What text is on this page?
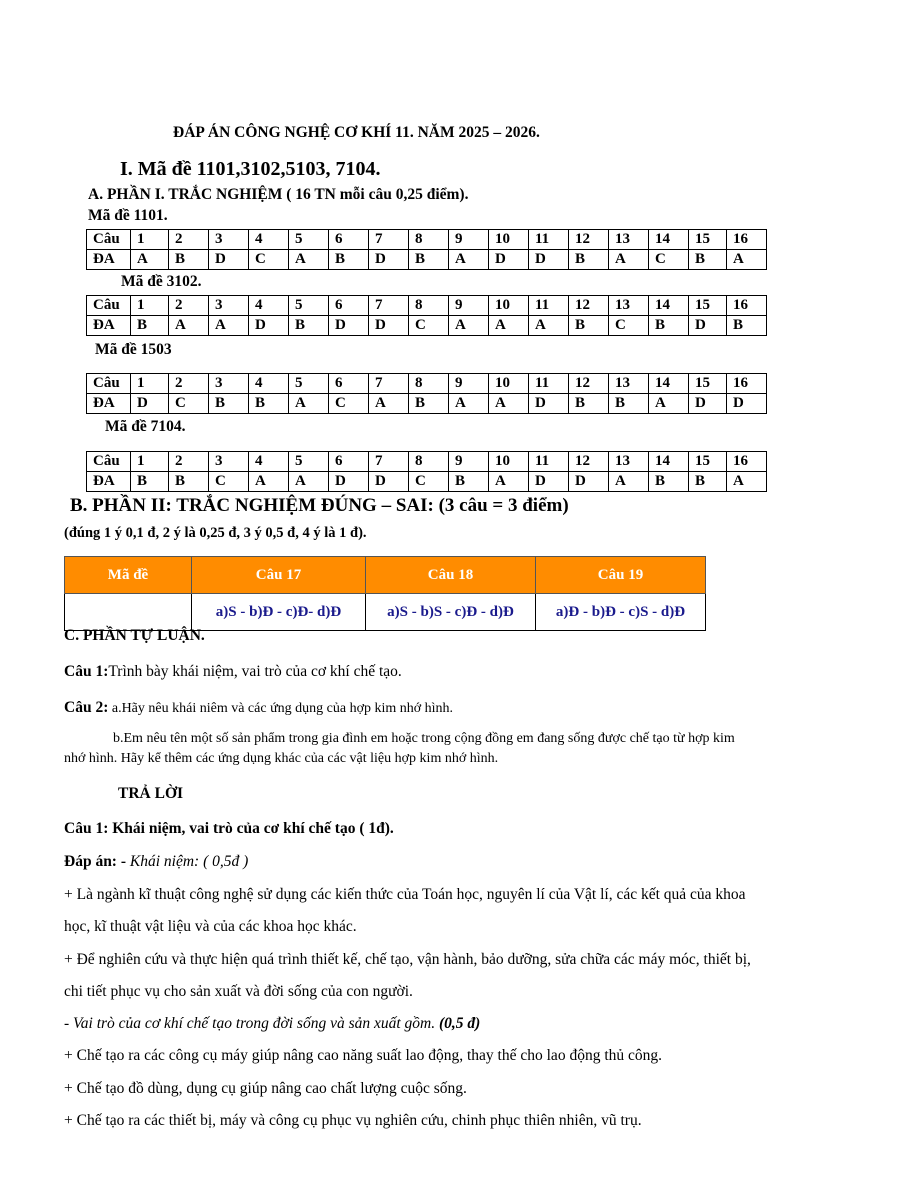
ĐÁP ÁN CÔNG NGHỆ CƠ KHÍ 11. NĂM 2025 – 2026.
I. Mã đề 1101,3102,5103, 7104.
A. PHẦN I. TRẮC NGHIỆM ( 16 TN mỗi câu 0,25 điểm).
Mã đề 1101.
Câu	1	2	3	4	5	6	7	8	9	10	11	12	13	14	15	16
ĐA	A	B	D	C	A	B	D	B	A	D	D	B	A	C	B	A
Mã đề 3102.
Câu	1	2	3	4	5	6	7	8	9	10	11	12	13	14	15	16
ĐA	B	A	A	D	B	D	D	C	A	A	A	B	C	B	D	B
Mã đề 1503
Câu	1	2	3	4	5	6	7	8	9	10	11	12	13	14	15	16
ĐA	D	C	B	B	A	C	A	B	A	A	D	B	B	A	D	D
Mã đề 7104.
Câu	1	2	3	4	5	6	7	8	9	10	11	12	13	14	15	16
ĐA	B	B	C	A	A	D	D	C	B	A	D	D	A	B	B	A
B. PHẦN II: TRẮC NGHIỆM ĐÚNG – SAI: (3 câu = 3 điểm)
(đúng 1 ý 0,1 đ, 2 ý là 0,25 đ, 3 ý 0,5 đ, 4 ý là 1 đ).
Mã đề	Câu 17	Câu 18	Câu 19
	a)S - b)Đ - c)Đ- d)Đ	a)S - b)S - c)Đ - d)Đ	a)Đ - b)Đ - c)S - d)Đ
C. PHẦN TỰ LUẬN.
Câu 1:Trình bày khái niệm, vai trò của cơ khí chế tạo.
Câu 2: a.Hãy nêu khái niêm và các ứng dụng của hợp kim nhớ hình.
b.Em nêu tên một số sản phẩm trong gia đình em hoặc trong cộng đồng em đang sống được chế tạo từ hợp kim
nhớ hình. Hãy kể thêm các ứng dụng khác của các vật liệu hợp kim nhớ hình.
TRẢ LỜI
Câu 1: Khái niệm, vai trò của cơ khí chế tạo ( 1đ).
Đáp án: - Khái niệm: ( 0,5đ )
+ Là ngành kĩ thuật công nghệ sử dụng các kiến thức của Toán học, nguyên lí của Vật lí, các kết quả của khoa
học, kĩ thuật vật liệu và của các khoa học khác.
+ Để nghiên cứu và thực hiện quá trình thiết kế, chế tạo, vận hành, bảo dưỡng, sửa chữa các máy móc, thiết bị,
chi tiết phục vụ cho sản xuất và đời sống của con người.
- Vai trò của cơ khí chế tạo trong đời sống và sản xuất gồm. (0,5 đ)
+ Chế tạo ra các công cụ máy giúp nâng cao năng suất lao động, thay thế cho lao động thủ công.
+ Chế tạo đồ dùng, dụng cụ giúp nâng cao chất lượng cuộc sống.
+ Chế tạo ra các thiết bị, máy và công cụ phục vụ nghiên cứu, chinh phục thiên nhiên, vũ trụ.
